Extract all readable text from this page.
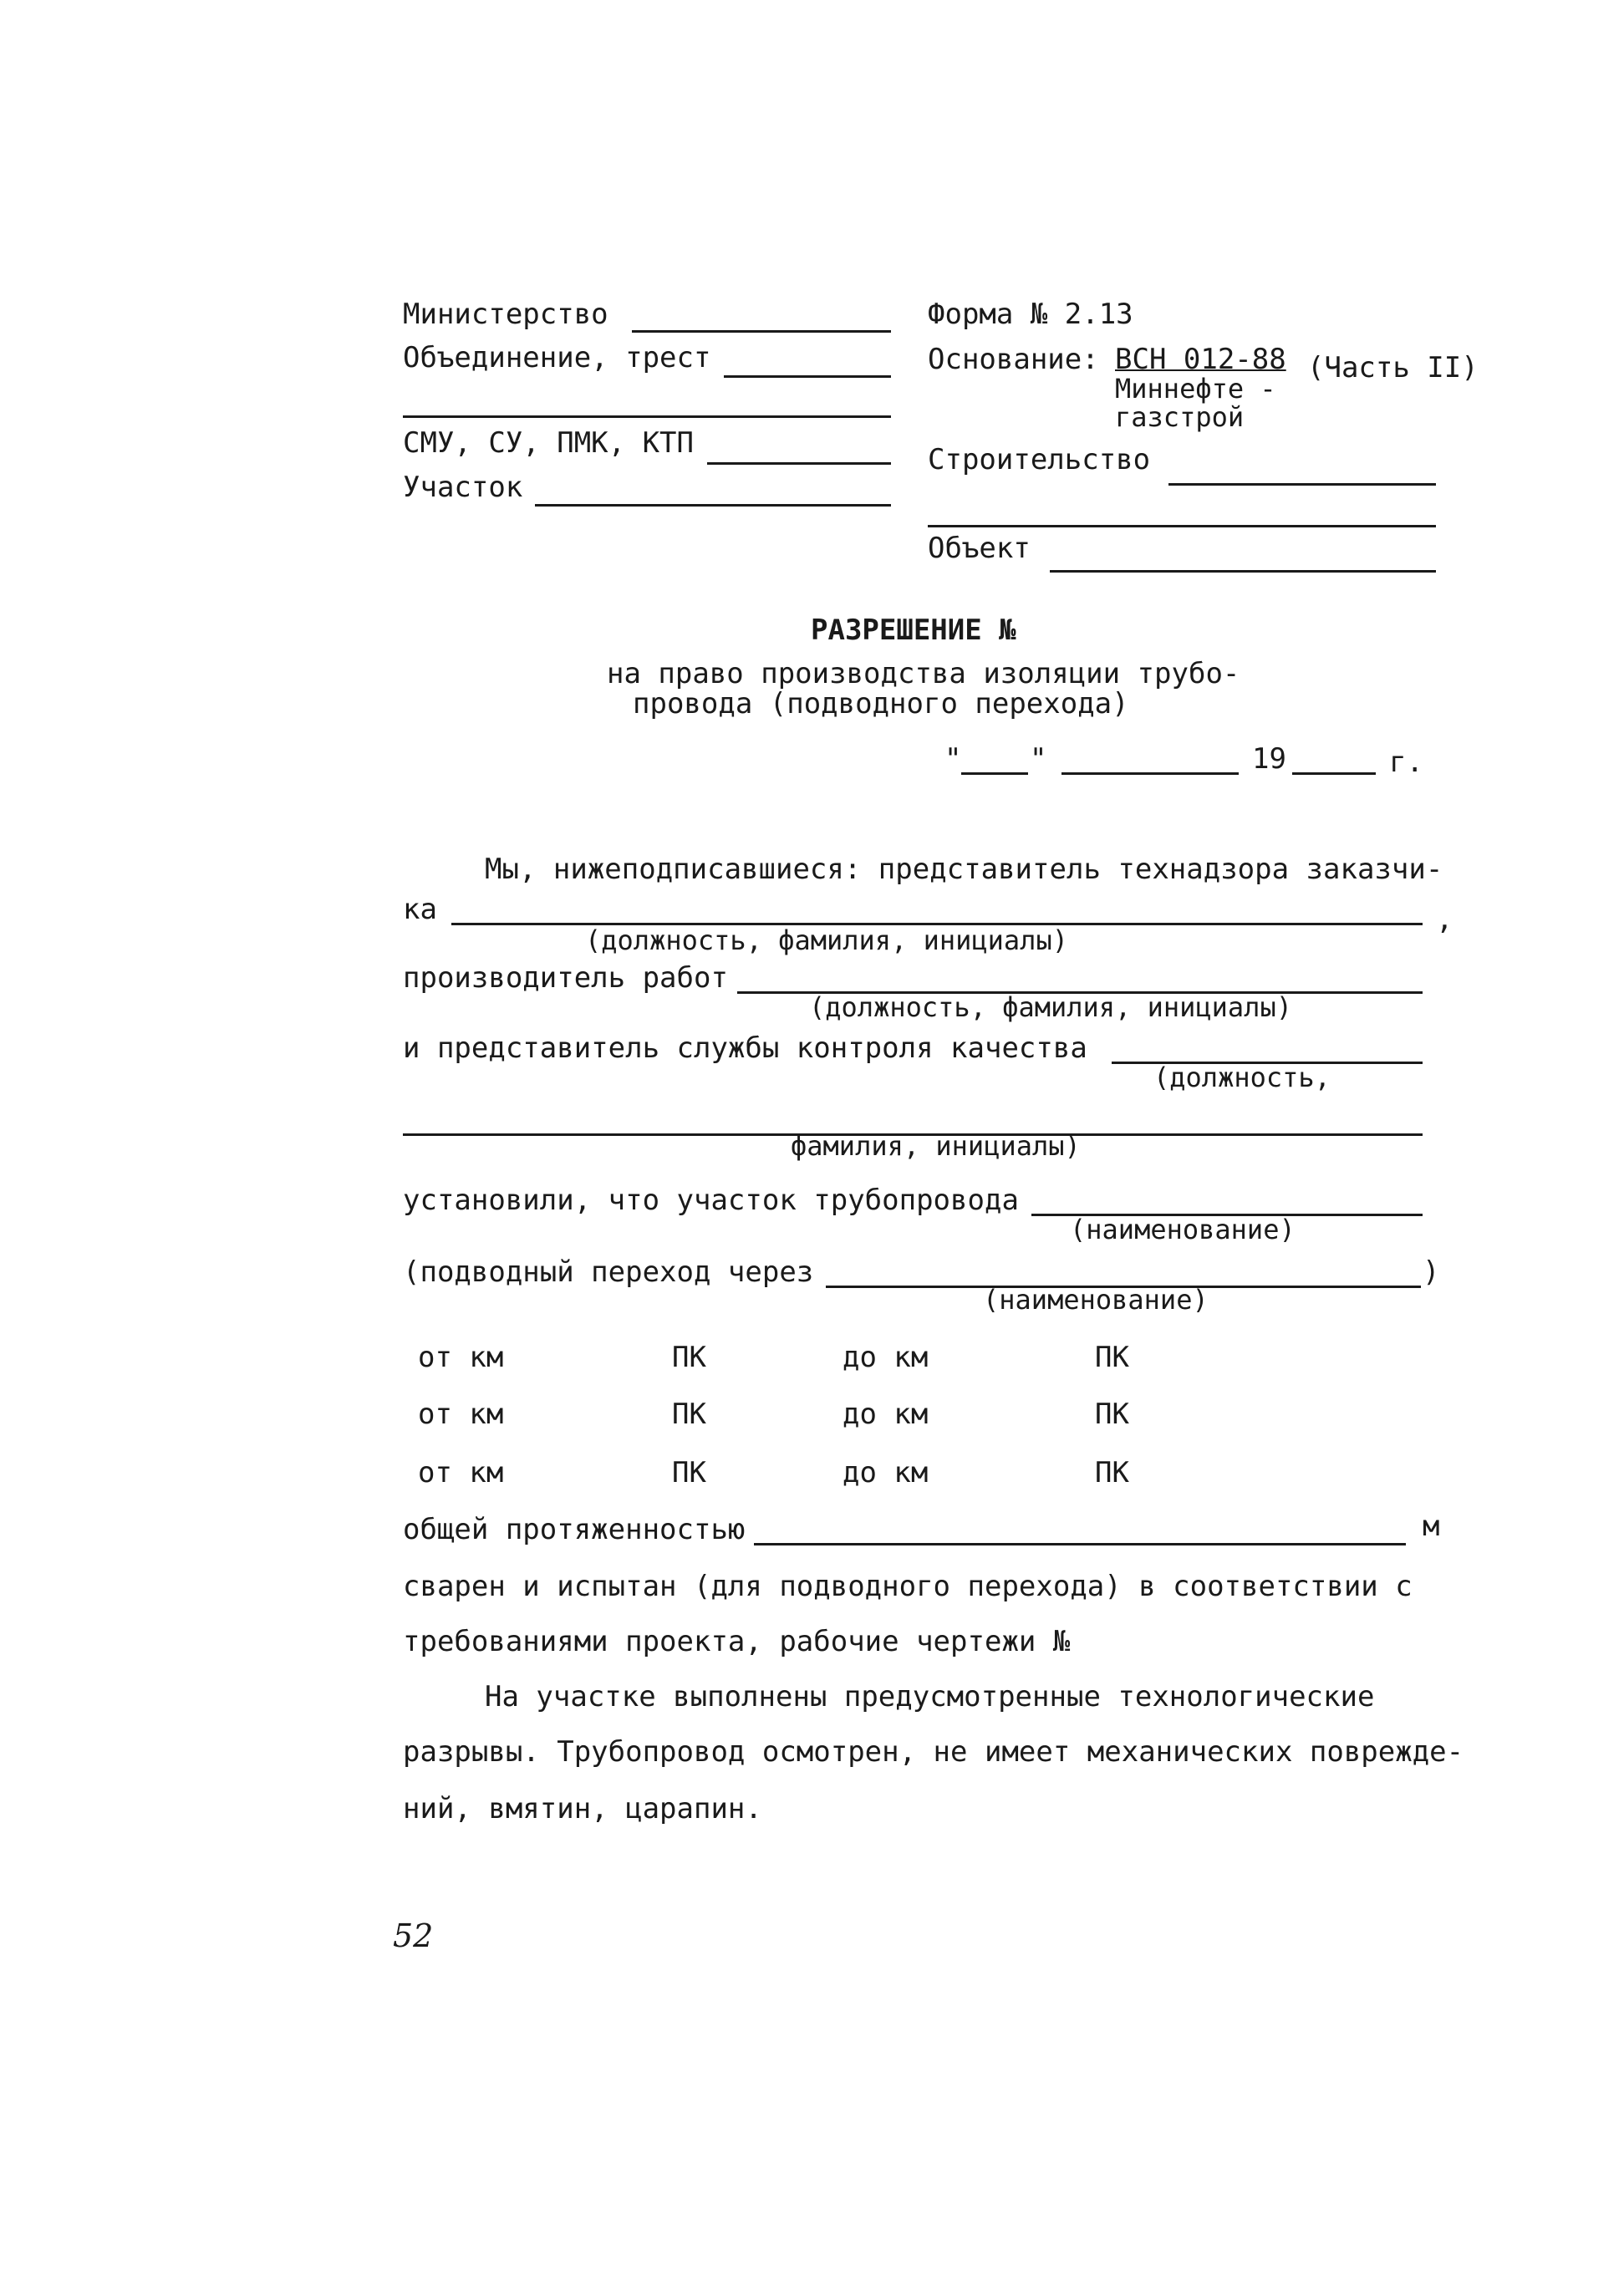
Министерство
Объединение, трест
СМУ, СУ, ПМК, КТП
Участок
Форма № 2.13
Основание: ВСН 012-88 (Часть II)
Миннефте -
газстрой
Строительство
Объект
РАЗРЕШЕНИЕ №
на право производства изоляции трубо-
провода (подводного перехода)
" "	19	г.
Мы, нижеподписавшиеся: представитель технадзора заказчи-
ка	,
(должность, фамилия, инициалы)
производитель работ
(должность, фамилия, инициалы)
и представитель службы контроля качества
(должность,
фамилия, инициалы)
установили, что участок трубопровода
(наименование)
(подводный переход через	)
(наименование)
от км	ПК	до км	ПК
от км	ПК	до км	ПК
от км	ПК	до км	ПК
общей протяженностью	м
сварен и испытан (для подводного перехода) в соответствии с
требованиями проекта, рабочие чертежи №
На участке выполнены предусмотренные технологические
разрывы. Трубопровод осмотрен, не имеет механических поврежде-
ний, вмятин, царапин.
52
